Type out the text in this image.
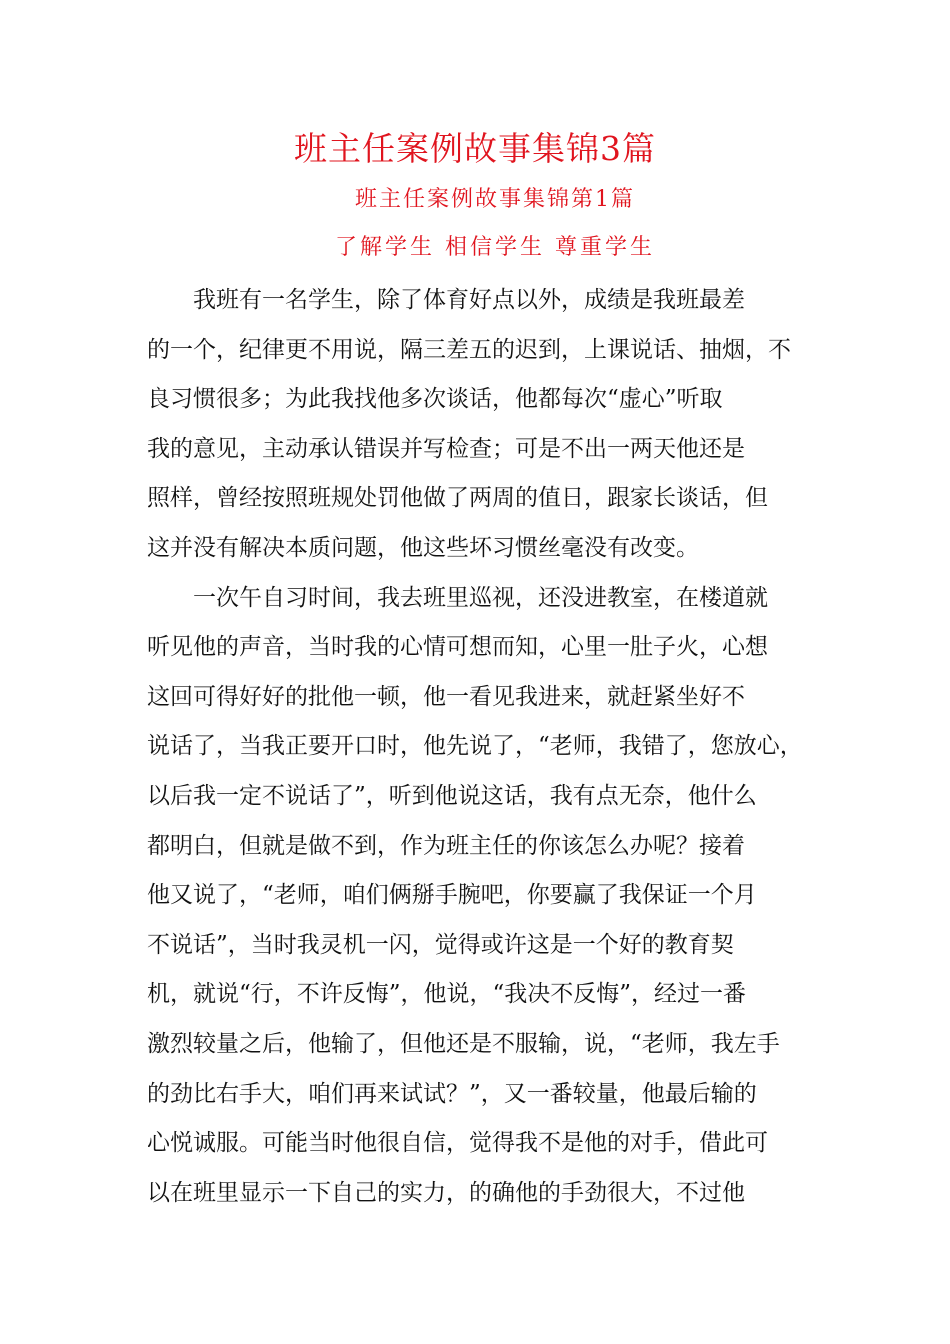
班主任案例故事集锦3篇
班主任案例故事集锦第1篇
了解学生 相信学生 尊重学生
　　我班有一名学生，除了体育好点以外，成绩是我班最差
的一个，纪律更不用说，隔三差五的迟到，上课说话、抽烟，不
良习惯很多；为此我找他多次谈话，他都每次“虚心”听取
我的意见，主动承认错误并写检查；可是不出一两天他还是
照样，曾经按照班规处罚他做了两周的值日，跟家长谈话，但
这并没有解决本质问题，他这些坏习惯丝毫没有改变。
　　一次午自习时间，我去班里巡视，还没进教室，在楼道就
听见他的声音，当时我的心情可想而知，心里一肚子火，心想
这回可得好好的批他一顿，他一看见我进来，就赶紧坐好不
说话了，当我正要开口时，他先说了，“老师，我错了，您放心，
以后我一定不说话了”，听到他说这话，我有点无奈，他什么
都明白，但就是做不到，作为班主任的你该怎么办呢？接着
他又说了，“老师，咱们俩掰手腕吧，你要赢了我保证一个月
不说话”，当时我灵机一闪，觉得或许这是一个好的教育契
机，就说“行，不许反悔”，他说，“我决不反悔”，经过一番
激烈较量之后，他输了，但他还是不服输，说，“老师，我左手
的劲比右手大，咱们再来试试？”，又一番较量，他最后输的
心悦诚服。可能当时他很自信，觉得我不是他的对手，借此可
以在班里显示一下自己的实力，的确他的手劲很大，不过他
